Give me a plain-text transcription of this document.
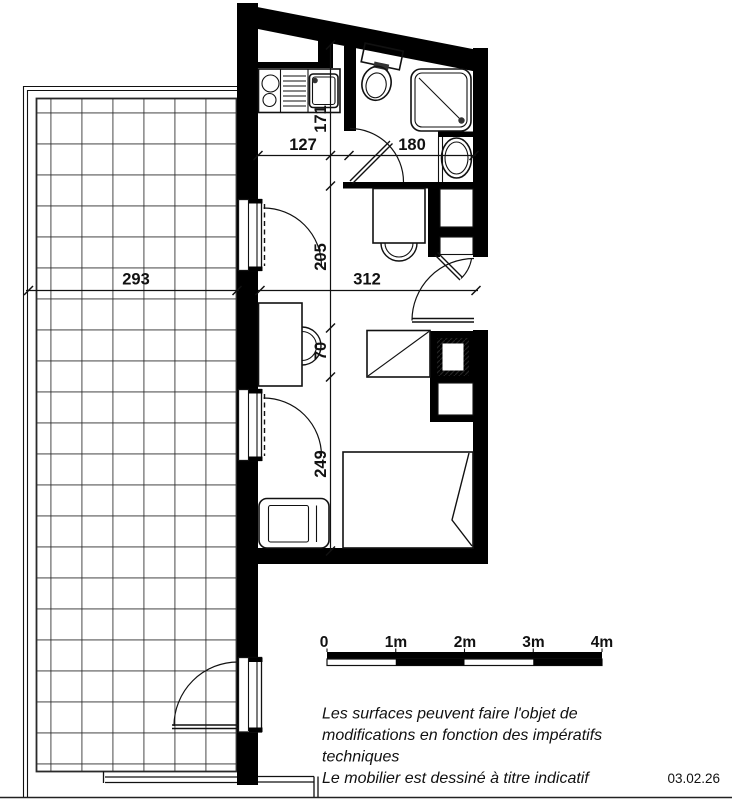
293
127	180
312
171
205
70
249
0	1m	2m	3m	4m
Les surfaces peuvent faire l'objet de
modifications en fonction des impératifs
techniques
Le mobilier est dessiné à titre indicatif	03.02.26
